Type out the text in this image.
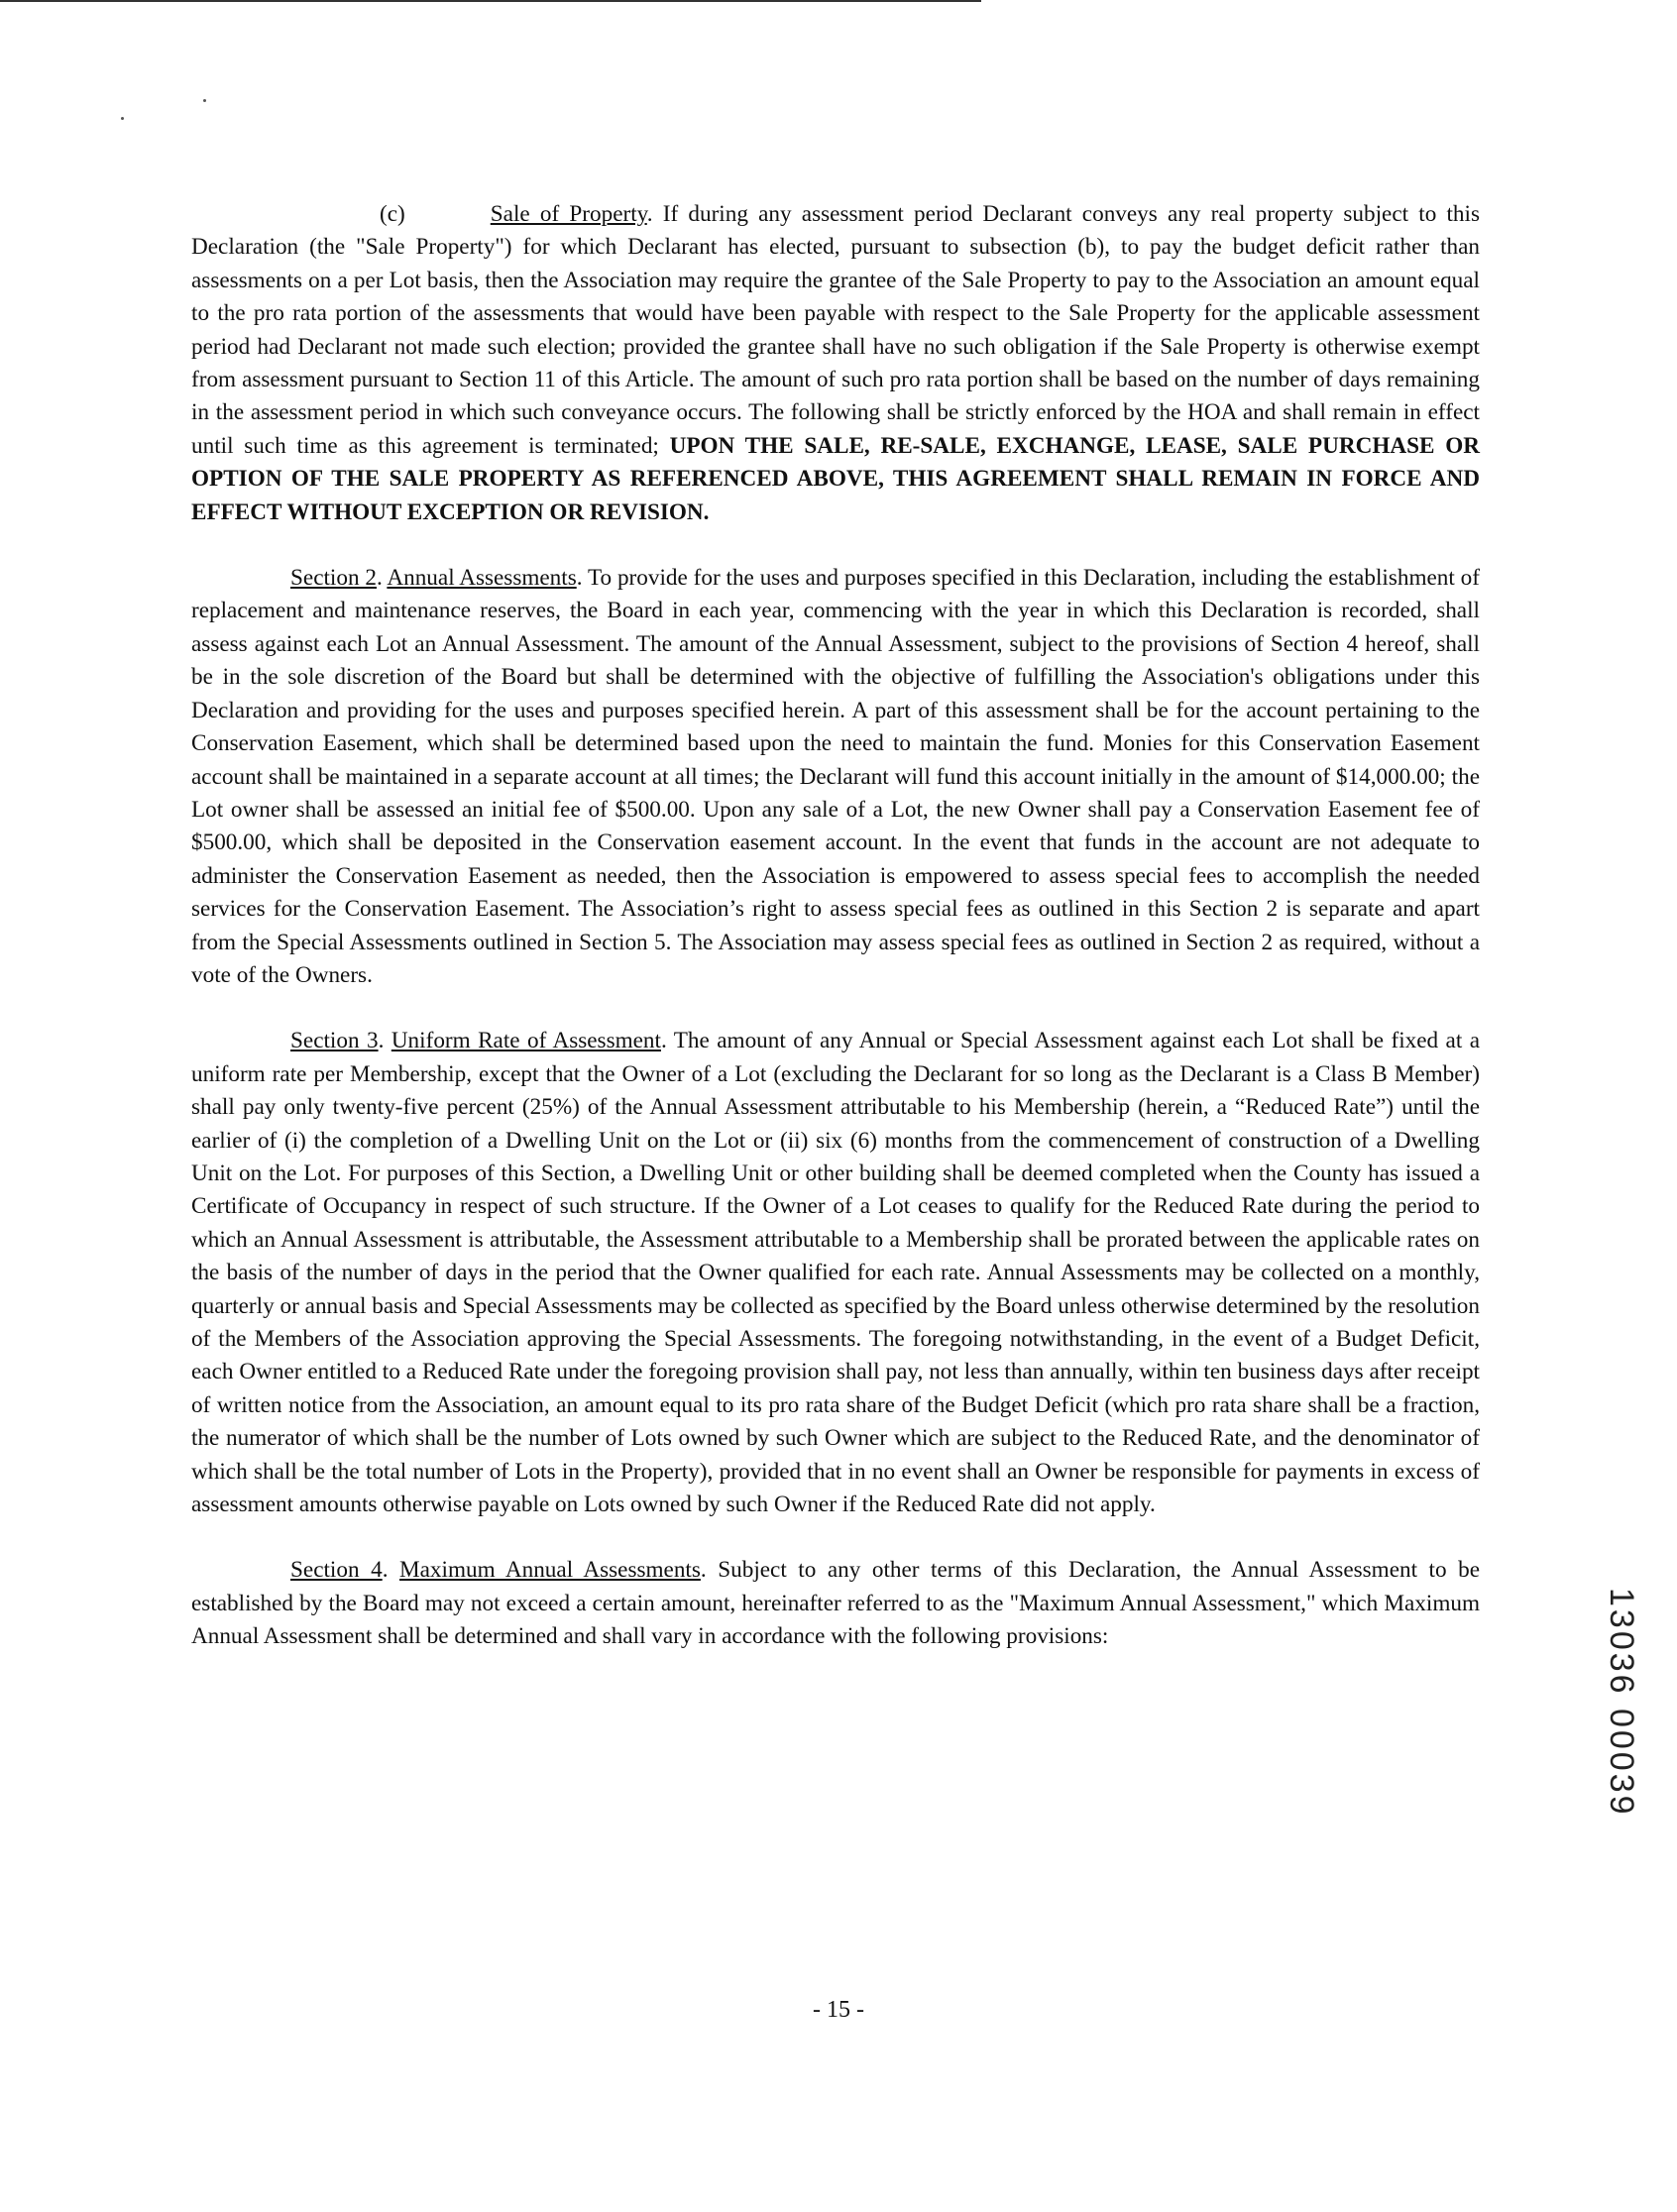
(c)	Sale of Property. If during any assessment period Declarant conveys any real property subject to this Declaration (the "Sale Property") for which Declarant has elected, pursuant to subsection (b), to pay the budget deficit rather than assessments on a per Lot basis, then the Association may require the grantee of the Sale Property to pay to the Association an amount equal to the pro rata portion of the assessments that would have been payable with respect to the Sale Property for the applicable assessment period had Declarant not made such election; provided the grantee shall have no such obligation if the Sale Property is otherwise exempt from assessment pursuant to Section 11 of this Article. The amount of such pro rata portion shall be based on the number of days remaining in the assessment period in which such conveyance occurs. The following shall be strictly enforced by the HOA and shall remain in effect until such time as this agreement is terminated; UPON THE SALE, RE-SALE, EXCHANGE, LEASE, SALE PURCHASE OR OPTION OF THE SALE PROPERTY AS REFERENCED ABOVE, THIS AGREEMENT SHALL REMAIN IN FORCE AND EFFECT WITHOUT EXCEPTION OR REVISION.

Section 2. Annual Assessments. To provide for the uses and purposes specified in this Declaration, including the establishment of replacement and maintenance reserves, the Board in each year, commencing with the year in which this Declaration is recorded, shall assess against each Lot an Annual Assessment. The amount of the Annual Assessment, subject to the provisions of Section 4 hereof, shall be in the sole discretion of the Board but shall be determined with the objective of fulfilling the Association's obligations under this Declaration and providing for the uses and purposes specified herein. A part of this assessment shall be for the account pertaining to the Conservation Easement, which shall be determined based upon the need to maintain the fund. Monies for this Conservation Easement account shall be maintained in a separate account at all times; the Declarant will fund this account initially in the amount of $14,000.00; the Lot owner shall be assessed an initial fee of $500.00. Upon any sale of a Lot, the new Owner shall pay a Conservation Easement fee of $500.00, which shall be deposited in the Conservation easement account. In the event that funds in the account are not adequate to administer the Conservation Easement as needed, then the Association is empowered to assess special fees to accomplish the needed services for the Conservation Easement. The Association’s right to assess special fees as outlined in this Section 2 is separate and apart from the Special Assessments outlined in Section 5. The Association may assess special fees as outlined in Section 2 as required, without a vote of the Owners.

Section 3. Uniform Rate of Assessment. The amount of any Annual or Special Assessment against each Lot shall be fixed at a uniform rate per Membership, except that the Owner of a Lot (excluding the Declarant for so long as the Declarant is a Class B Member) shall pay only twenty-five percent (25%) of the Annual Assessment attributable to his Membership (herein, a “Reduced Rate”) until the earlier of (i) the completion of a Dwelling Unit on the Lot or (ii) six (6) months from the commencement of construction of a Dwelling Unit on the Lot. For purposes of this Section, a Dwelling Unit or other building shall be deemed completed when the County has issued a Certificate of Occupancy in respect of such structure. If the Owner of a Lot ceases to qualify for the Reduced Rate during the period to which an Annual Assessment is attributable, the Assessment attributable to a Membership shall be prorated between the applicable rates on the basis of the number of days in the period that the Owner qualified for each rate. Annual Assessments may be collected on a monthly, quarterly or annual basis and Special Assessments may be collected as specified by the Board unless otherwise determined by the resolution of the Members of the Association approving the Special Assessments. The foregoing notwithstanding, in the event of a Budget Deficit, each Owner entitled to a Reduced Rate under the foregoing provision shall pay, not less than annually, within ten business days after receipt of written notice from the Association, an amount equal to its pro rata share of the Budget Deficit (which pro rata share shall be a fraction, the numerator of which shall be the number of Lots owned by such Owner which are subject to the Reduced Rate, and the denominator of which shall be the total number of Lots in the Property), provided that in no event shall an Owner be responsible for payments in excess of assessment amounts otherwise payable on Lots owned by such Owner if the Reduced Rate did not apply.

Section 4. Maximum Annual Assessments. Subject to any other terms of this Declaration, the Annual Assessment to be established by the Board may not exceed a certain amount, hereinafter referred to as the "Maximum Annual Assessment," which Maximum Annual Assessment shall be determined and shall vary in accordance with the following provisions:	13036 00039
- 15 -
